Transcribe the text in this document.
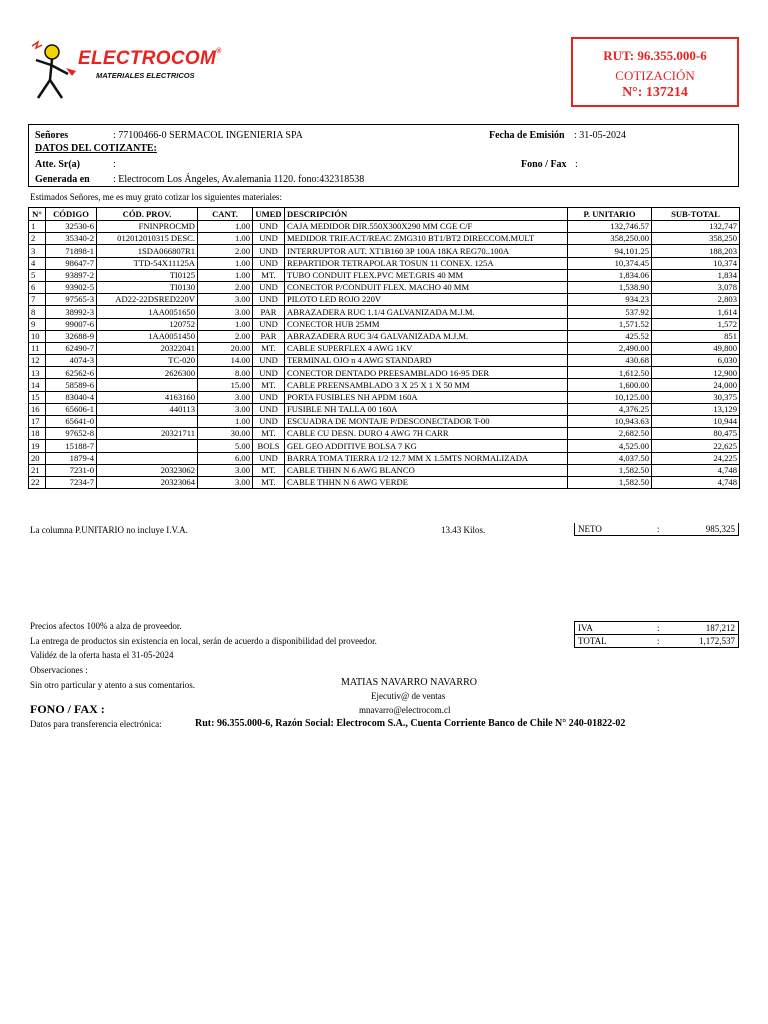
ELECTROCOM®
MATERIALES ELECTRICOS
RUT: 96.355.000-6
COTIZACIÓN
N°: 137214
Señores	: 77100466-0 SERMACOL INGENIERIA SPA	Fecha de Emisión : 31-05-2024
DATOS DEL COTIZANTE:
Atte. Sr(a)	:	Fono / Fax :
Generada en : Electrocom Los Ángeles, Av.alemania 1120. fono:432318538
Estimados Señores, me es muy grato cotizar los siguientes materiales:
N°	CÓDIGO	CÓD. PROV.	CANT.	UMED	DESCRIPCIÓN	P. UNITARIO	SUB-TOTAL
1	32530-6	FNINPROCMD	1.00	UND	CAJA MEDIDOR DIR.550X300X290 MM CGE C/F	132,746.57	132,747
2	35340-2	012012010315 DESC.	1.00	UND	MEDIDOR TRIF.ACT/REAC ZMG310 BT1/BT2 DIRECCOM.MULT	358,250.00	358,250
3	71898-1	1SDA066807R1	2.00	UND	INTERRUPTOR AUT. XT1B160 3P 100A 18KA REG70..100A	94,101.25	188,203
4	98647-7	TTD-54X11125A	1.00	UND	REPARTIDOR TETRAPOLAR TOSUN 11 CONEX. 125A	10,374.45	10,374
5	93897-2	TI0125	1.00	MT.	TUBO CONDUIT FLEX.PVC MET.GRIS 40 MM	1,834.06	1,834
6	93902-5	TI0130	2.00	UND	CONECTOR P/CONDUIT FLEX. MACHO 40 MM	1,538.90	3,078
7	97565-3	AD22-22DSRED220V	3.00	UND	PILOTO LED ROJO 220V	934.23	2,803
8	38992-3	1AA0051650	3.00	PAR	ABRAZADERA RUC 1.1/4 GALVANIZADA M.J.M.	537.92	1,614
9	99007-6	120752	1.00	UND	CONECTOR HUB 25MM	1,571.52	1,572
10	32688-9	1AA0051450	2.00	PAR	ABRAZADERA RUC 3/4 GALVANIZADA M.J.M.	425.52	851
11	62490-7	20322041	20.00	MT.	CABLE SUPERFLEX 4 AWG 1KV	2,490.00	49,800
12	4074-3	TC-020	14.00	UND	TERMINAL OJO n 4 AWG STANDARD	430.68	6,030
13	62562-6	2626300	8.00	UND	CONECTOR DENTADO PREESAMBLADO 16-95 DER	1,612.50	12,900
14	58589-6		15.00	MT.	CABLE PREENSAMBLADO 3 X 25 X 1 X 50 MM	1,600.00	24,000
15	83040-4	4163160	3.00	UND	PORTA FUSIBLES NH APDM 160A	10,125.00	30,375
16	65606-1	440113	3.00	UND	FUSIBLE NH TALLA 00 160A	4,376.25	13,129
17	65641-0		1.00	UND	ESCUADRA DE MONTAJE P/DESCONECTADOR T-00	10,943.63	10,944
18	97652-8	20321711	30.00	MT.	CABLE CU DESN. DURO 4 AWG 7H CARR	2,682.50	80,475
19	15188-7		5.00	BOLS	GEL GEO ADDITIVE BOLSA 7 KG	4,525.00	22,625
20	1879-4		6.00	UND	BARRA TOMA TIERRA 1/2 12.7 MM X 1.5MTS NORMALIZADA	4,037.50	24,225
21	7231-0	20323062	3.00	MT.	CABLE THHN N 6 AWG BLANCO	1,582.50	4,748
22	7234-7	20323064	3.00	MT.	CABLE THHN N 6 AWG VERDE	1,582.50	4,748
La columna P.UNITARIO no incluye I.V.A.	13.43 Kilos.	NETO	:	985,325
Precios afectos 100% a alza de proveedor.
La entrega de productos sin existencia en local, serán de acuerdo a disponibilidad del proveedor.
Validéz de la oferta hasta el 31-05-2024
Observaciones :
Sin otro particular y atento a sus comentarios.
IVA	:	187,212
TOTAL	:	1,172,537
MATIAS NAVARRO NAVARRO
Ejecutiv@ de ventas
mnavarro@electrocom.cl
FONO / FAX :
Datos para transferencia electrónica:	Rut: 96.355.000-6, Razón Social: Electrocom S.A., Cuenta Corriente Banco de Chile N° 240-01822-02
